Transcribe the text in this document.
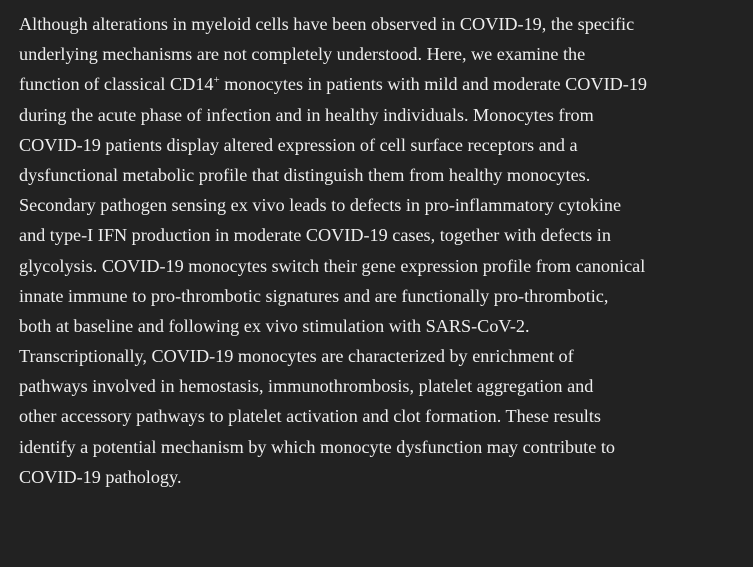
Although alterations in myeloid cells have been observed in COVID-19, the specific
underlying mechanisms are not completely understood. Here, we examine the
function of classical CD14+ monocytes in patients with mild and moderate COVID-19
during the acute phase of infection and in healthy individuals. Monocytes from
COVID-19 patients display altered expression of cell surface receptors and a
dysfunctional metabolic profile that distinguish them from healthy monocytes.
Secondary pathogen sensing ex vivo leads to defects in pro-inflammatory cytokine
and type-I IFN production in moderate COVID-19 cases, together with defects in
glycolysis. COVID-19 monocytes switch their gene expression profile from canonical
innate immune to pro-thrombotic signatures and are functionally pro-thrombotic,
both at baseline and following ex vivo stimulation with SARS-CoV-2.
Transcriptionally, COVID-19 monocytes are characterized by enrichment of
pathways involved in hemostasis, immunothrombosis, platelet aggregation and
other accessory pathways to platelet activation and clot formation. These results
identify a potential mechanism by which monocyte dysfunction may contribute to
COVID-19 pathology.
